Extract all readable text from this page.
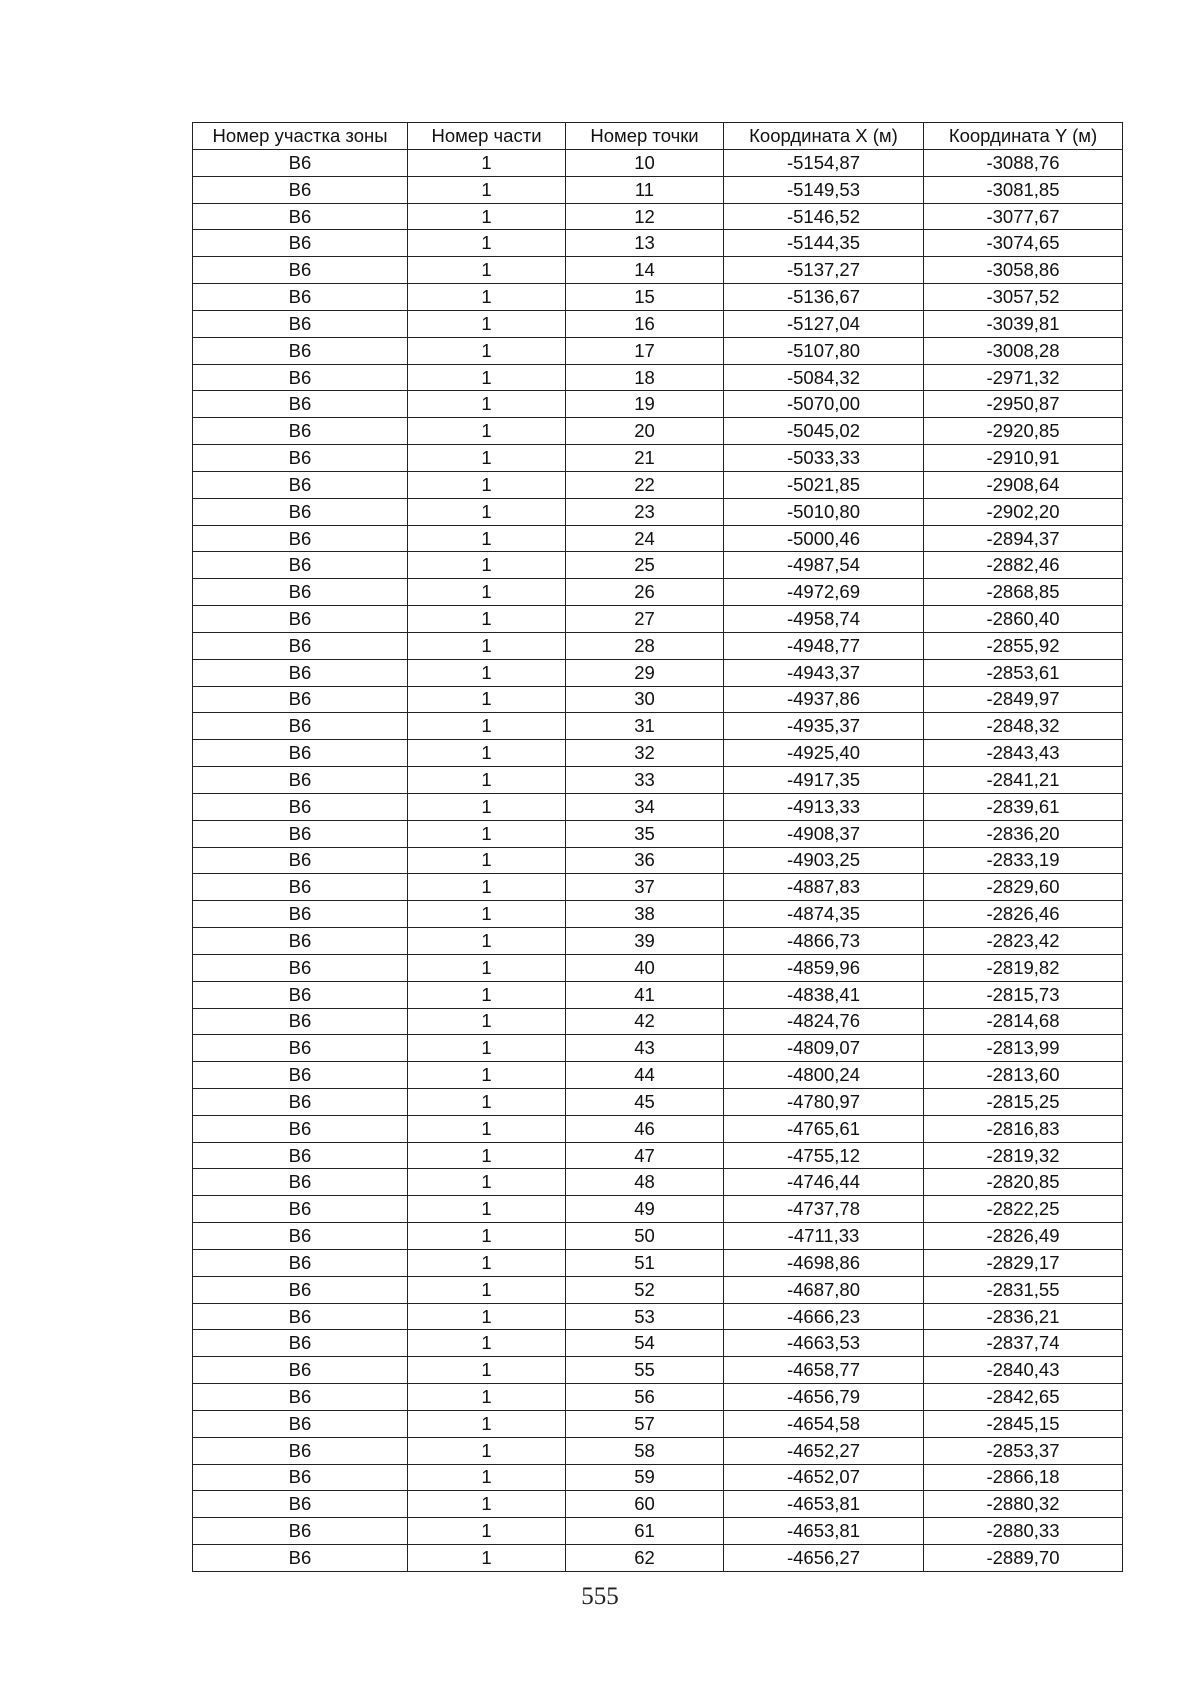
Номер участка зоны	Номер части	Номер точки	Координата X (м)	Координата Y (м)
В6	1	10	-5154,87	-3088,76
В6	1	11	-5149,53	-3081,85
В6	1	12	-5146,52	-3077,67
В6	1	13	-5144,35	-3074,65
В6	1	14	-5137,27	-3058,86
В6	1	15	-5136,67	-3057,52
В6	1	16	-5127,04	-3039,81
В6	1	17	-5107,80	-3008,28
В6	1	18	-5084,32	-2971,32
В6	1	19	-5070,00	-2950,87
В6	1	20	-5045,02	-2920,85
В6	1	21	-5033,33	-2910,91
В6	1	22	-5021,85	-2908,64
В6	1	23	-5010,80	-2902,20
В6	1	24	-5000,46	-2894,37
В6	1	25	-4987,54	-2882,46
В6	1	26	-4972,69	-2868,85
В6	1	27	-4958,74	-2860,40
В6	1	28	-4948,77	-2855,92
В6	1	29	-4943,37	-2853,61
В6	1	30	-4937,86	-2849,97
В6	1	31	-4935,37	-2848,32
В6	1	32	-4925,40	-2843,43
В6	1	33	-4917,35	-2841,21
В6	1	34	-4913,33	-2839,61
В6	1	35	-4908,37	-2836,20
В6	1	36	-4903,25	-2833,19
В6	1	37	-4887,83	-2829,60
В6	1	38	-4874,35	-2826,46
В6	1	39	-4866,73	-2823,42
В6	1	40	-4859,96	-2819,82
В6	1	41	-4838,41	-2815,73
В6	1	42	-4824,76	-2814,68
В6	1	43	-4809,07	-2813,99
В6	1	44	-4800,24	-2813,60
В6	1	45	-4780,97	-2815,25
В6	1	46	-4765,61	-2816,83
В6	1	47	-4755,12	-2819,32
В6	1	48	-4746,44	-2820,85
В6	1	49	-4737,78	-2822,25
В6	1	50	-4711,33	-2826,49
В6	1	51	-4698,86	-2829,17
В6	1	52	-4687,80	-2831,55
В6	1	53	-4666,23	-2836,21
В6	1	54	-4663,53	-2837,74
В6	1	55	-4658,77	-2840,43
В6	1	56	-4656,79	-2842,65
В6	1	57	-4654,58	-2845,15
В6	1	58	-4652,27	-2853,37
В6	1	59	-4652,07	-2866,18
В6	1	60	-4653,81	-2880,32
В6	1	61	-4653,81	-2880,33
В6	1	62	-4656,27	-2889,70
555
